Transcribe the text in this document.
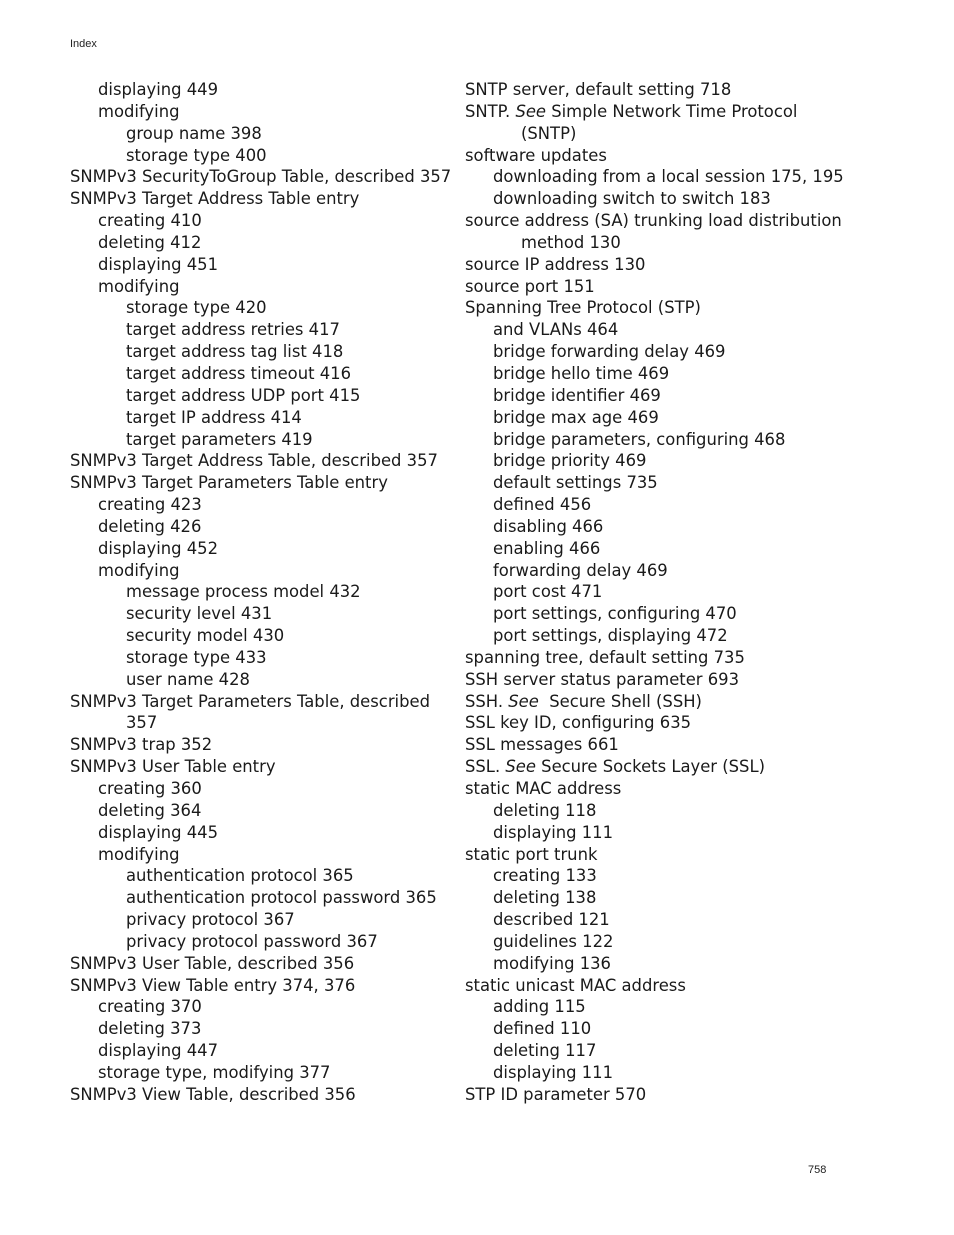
Index
displaying 449
modifying
group name 398
storage type 400
SNMPv3 SecurityToGroup Table, described 357
SNMPv3 Target Address Table entry
creating 410
deleting 412
displaying 451
modifying
storage type 420
target address retries 417
target address tag list 418
target address timeout 416
target address UDP port 415
target IP address 414
target parameters 419
SNMPv3 Target Address Table, described 357
SNMPv3 Target Parameters Table entry
creating 423
deleting 426
displaying 452
modifying
message process model 432
security level 431
security model 430
storage type 433
user name 428
SNMPv3 Target Parameters Table, described
357
SNMPv3 trap 352
SNMPv3 User Table entry
creating 360
deleting 364
displaying 445
modifying
authentication protocol 365
authentication protocol password 365
privacy protocol 367
privacy protocol password 367
SNMPv3 User Table, described 356
SNMPv3 View Table entry 374, 376
creating 370
deleting 373
displaying 447
storage type, modifying 377
SNMPv3 View Table, described 356
SNTP server, default setting 718
SNTP. See Simple Network Time Protocol
(SNTP)
software updates
downloading from a local session 175, 195
downloading switch to switch 183
source address (SA) trunking load distribution
method 130
source IP address 130
source port 151
Spanning Tree Protocol (STP)
and VLANs 464
bridge forwarding delay 469
bridge hello time 469
bridge identifier 469
bridge max age 469
bridge parameters, configuring 468
bridge priority 469
default settings 735
defined 456
disabling 466
enabling 466
forwarding delay 469
port cost 471
port settings, configuring 470
port settings, displaying 472
spanning tree, default setting 735
SSH server status parameter 693
SSH. See  Secure Shell (SSH)
SSL key ID, configuring 635
SSL messages 661
SSL. See Secure Sockets Layer (SSL)
static MAC address
deleting 118
displaying 111
static port trunk
creating 133
deleting 138
described 121
guidelines 122
modifying 136
static unicast MAC address
adding 115
defined 110
deleting 117
displaying 111
STP ID parameter 570
758
